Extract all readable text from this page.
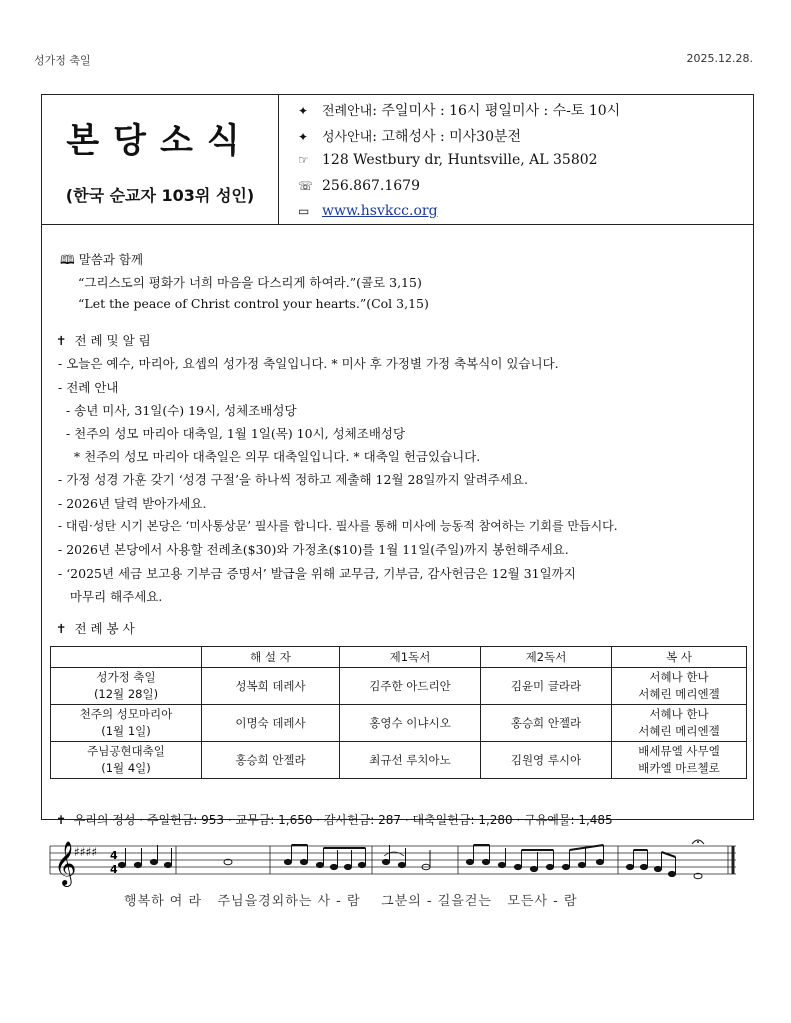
성가정 축일	2025.12.28.
본당소식
(한국 순교자 103위 성인)
✦ 전례안내: 주일미사 : 16시 평일미사 : 수-토 10시
✦ 성사안내: 고해성사 : 미사30분전
☞ 128 Westbury dr, Huntsville, AL 35802
☏ 256.867.1679
▭ www.hsvkcc.org
🕮 말씀과 함께
“그리스도의 평화가 너희 마음을 다스리게 하여라.”(콜로 3,15)
“Let the peace of Christ control your hearts.”(Col 3,15)
✝ 전 례 및 알 림
- 오늘은 예수, 마리아, 요셉의 성가정 축일입니다. * 미사 후 가정별 가정 축복식이 있습니다.
- 전례 안내
- 송년 미사, 31일(수) 19시, 성체조배성당
- 천주의 성모 마리아 대축일, 1월 1일(목) 10시, 성체조배성당
* 천주의 성모 마리아 대축일은 의무 대축일입니다. * 대축일 헌금있습니다.
- 가정 성경 가훈 갖기 ‘성경 구절’을 하나씩 정하고 제출해 12월 28일까지 알려주세요.
- 2026년 달력 받아가세요.
- 대림·성탄 시기 본당은 ‘미사통상문’ 필사를 합니다. 필사를 통해 미사에 능동적 참여하는 기회를 만듭시다.
- 2026년 본당에서 사용할 전례초($30)와 가정초($10)를 1월 11일(주일)까지 봉헌해주세요.
- ‘2025년 세금 보고용 기부금 증명서’ 발급을 위해 교무금, 기부금, 감사헌금은 12월 31일까지
마무리 해주세요.
✝ 전 례 봉 사
	해 설 자	제1독서	제2독서	복 사
성가정 축일
(12월 28일)	성복희 데레사	김주한 아드리안	김윤미 글라라	서혜나 한나
서혜린 메리엔젤
천주의 성모마리아
(1월 1일)	이명숙 데레사	홍영수 이냐시오	홍승희 안젤라	서혜나 한나
서혜린 메리엔젤
주님공현대축일
(1월 4일)	홍승희 안젤라	최규선 루치아노	김원영 루시아	배세뮤엘 사무엘
배카엘 마르첼로
✝ 우리의 정성 · 주일헌금: 953 · 교무금: 1,650 · 감사헌금: 287 · 대축일헌금: 1,280 · 구유예물: 1,485
𝄞
♯♯♯♯ 4
4
행복하 여 라   주님을경외하는 사 - 람    그분의 - 길을걷는   모든사 - 람
